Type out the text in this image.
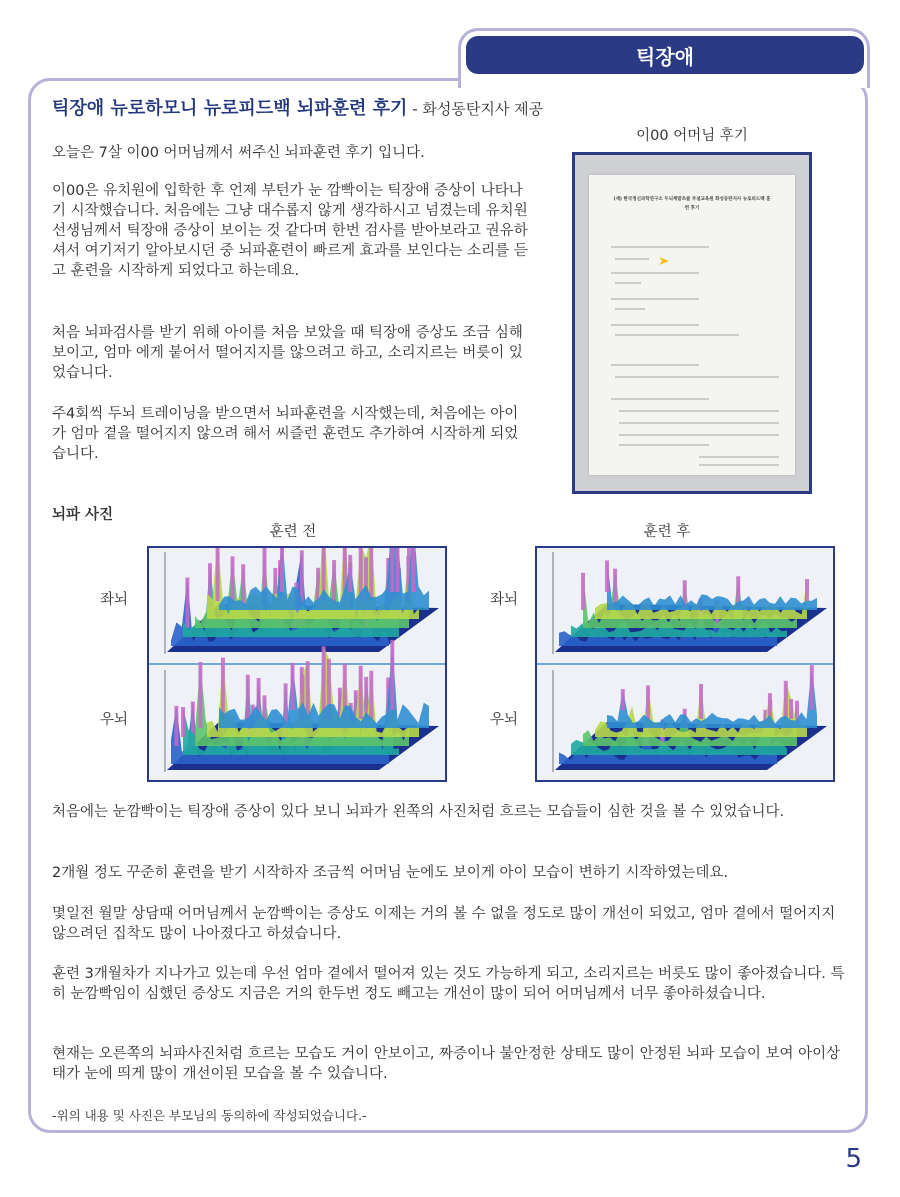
틱장애
틱장애 뉴로하모니 뉴로피드백 뇌파훈련 후기 - 화성동탄지사 제공

오늘은 7살 이00 어머님께서 써주신 뇌파훈련 후기 입니다.

이00은 유치원에 입학한 후 언제 부턴가 눈 깜빡이는 틱장애 증상이 나타나기 시작했습니다. 처음에는 그냥 대수롭지 않게 생각하시고 넘겼는데 유치원 선생님께서 틱장애 증상이 보이는 것 같다며 한번 검사를 받아보라고 권유하셔서 여기저기 알아보시던 중 뇌파훈련이 빠르게 효과를 보인다는 소리를 듣고 훈련을 시작하게 되었다고 하는데요.

처음 뇌파검사를 받기 위해 아이를 처음 보았을 때 틱장애 증상도 조금 심해 보이고, 엄마 에게 붙어서 떨어지지를 않으려고 하고, 소리지르는 버릇이 있었습니다.

주4회씩 두뇌 트레이닝을 받으면서 뇌파훈련을 시작했는데, 처음에는 아이가 엄마 곁을 떨어지지 않으려 해서 씨즐런 훈련도 추가하여 시작하게 되었습니다.

이00 어머님 후기
(재) 한국정신과학연구소 두뇌계발츠클 부설교육원 화성동탄지사 뉴로피드백 훈련 후기
뇌파 사진
훈련 전	훈련 후
좌뇌
우뇌
좌뇌
우뇌

처음에는 눈깜빡이는 틱장애 증상이 있다 보니 뇌파가 왼쪽의 사진처럼 흐르는 모습들이 심한 것을 볼 수 있었습니다.

2개월 정도 꾸준히 훈련을 받기 시작하자 조금씩 어머님 눈에도 보이게 아이 모습이 변하기 시작하였는데요.

몇일전 월말 상담때 어머님께서 눈깜빡이는 증상도 이제는 거의 볼 수 없을 정도로 많이 개선이 되었고, 엄마 곁에서 떨어지지 않으려던 집착도 많이 나아졌다고 하셨습니다.

훈련 3개월차가 지나가고 있는데 우선 엄마 곁에서 떨어져 있는 것도 가능하게 되고, 소리지르는 버릇도 많이 좋아졌습니다. 특히 눈깜빡임이 심했던 증상도 지금은 거의 한두번 정도 빼고는 개선이 많이 되어 어머님께서 너무 좋아하셨습니다.

현재는 오른쪽의 뇌파사진처럼 흐르는 모습도 거이 안보이고, 짜증이나 불안정한 상태도 많이 안정된 뇌파 모습이 보여 아이상태가 눈에 띄게 많이 개선이된 모습을 볼 수 있습니다.

-위의 내용 및 사진은 부모님의 동의하에 작성되었습니다.-
5
